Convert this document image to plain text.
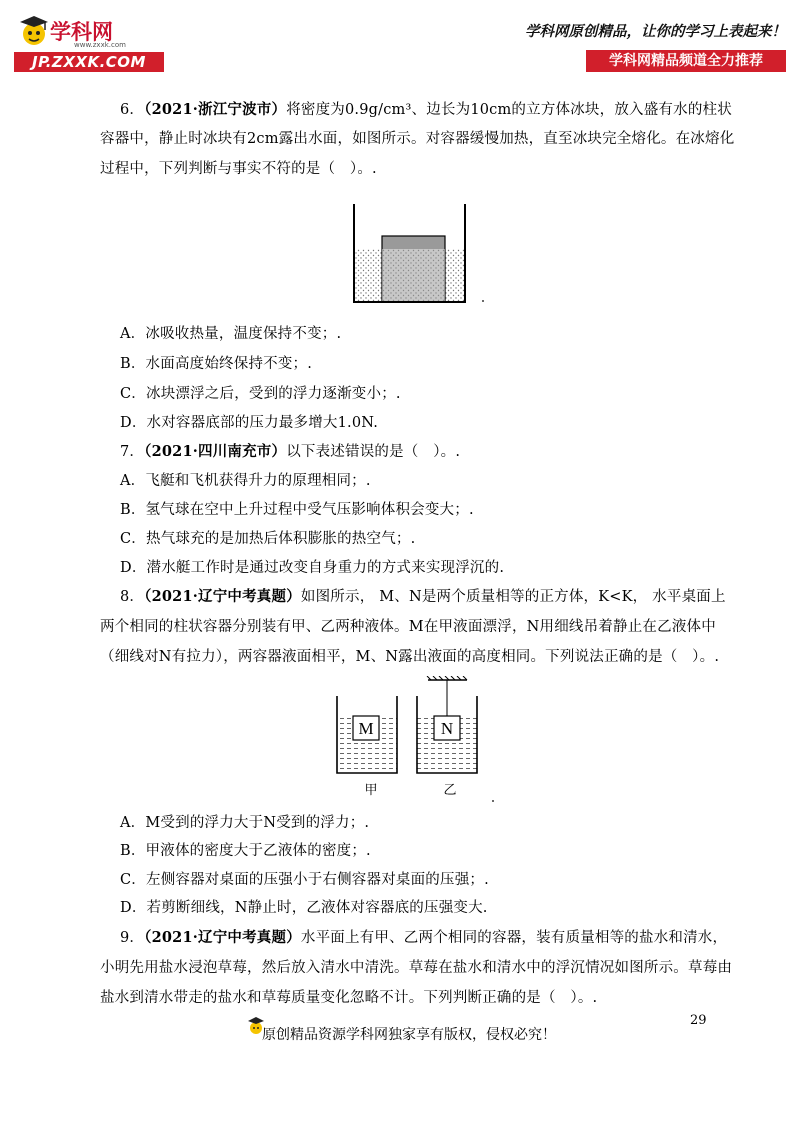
学科网
www.zxxk.com
JP.ZXXK.COM
学科网原创精品，让你的学习上表起来！
学科网精品频道全力推荐
6．（2021·浙江宁波市）将密度为0.9g/cm³、边长为10cm的立方体冰块，放入盛有水的柱状
容器中，静止时冰块有2cm露出水面，如图所示。对容器缓慢加热，直至冰块完全熔化。在冰熔化
过程中，下列判断与事实不符的是（　）。.
A．冰吸收热量，温度保持不变；.
B．水面高度始终保持不变；.
C．冰块漂浮之后，受到的浮力逐渐变小；.
D．水对容器底部的压力最多增大1.0N.
7．（2021·四川南充市）以下表述错误的是（　）。.
A．飞艇和飞机获得升力的原理相同；.
B．氢气球在空中上升过程中受气压影响体积会变大；.
C．热气球充的是加热后体积膨胀的热空气；.
D．潜水艇工作时是通过改变自身重力的方式来实现浮沉的.
8．（2021·辽宁中考真题）如图所示， M、N是两个质量相等的正方体，K<K， 水平桌面上
两个相同的柱状容器分别装有甲、乙两种液体。M在甲液面漂浮，N用细线吊着静止在乙液体中
（细线对N有拉力），两容器液面相平，M、N露出液面的高度相同。下列说法正确的是（　）。.
M	N
甲	乙
A．M受到的浮力大于N受到的浮力；.
B．甲液体的密度大于乙液体的密度；.
C．左侧容器对桌面的压强小于右侧容器对桌面的压强；.
D．若剪断细线，N静止时，乙液体对容器底的压强变大.
9．（2021·辽宁中考真题）水平面上有甲、乙两个相同的容器，装有质量相等的盐水和清水，
小明先用盐水浸泡草莓，然后放入清水中清洗。草莓在盐水和清水中的浮沉情况如图所示。草莓由
盐水到清水带走的盐水和草莓质量变化忽略不计。下列判断正确的是（　）。.
29
原创精品资源学科网独家享有版权，侵权必究！
